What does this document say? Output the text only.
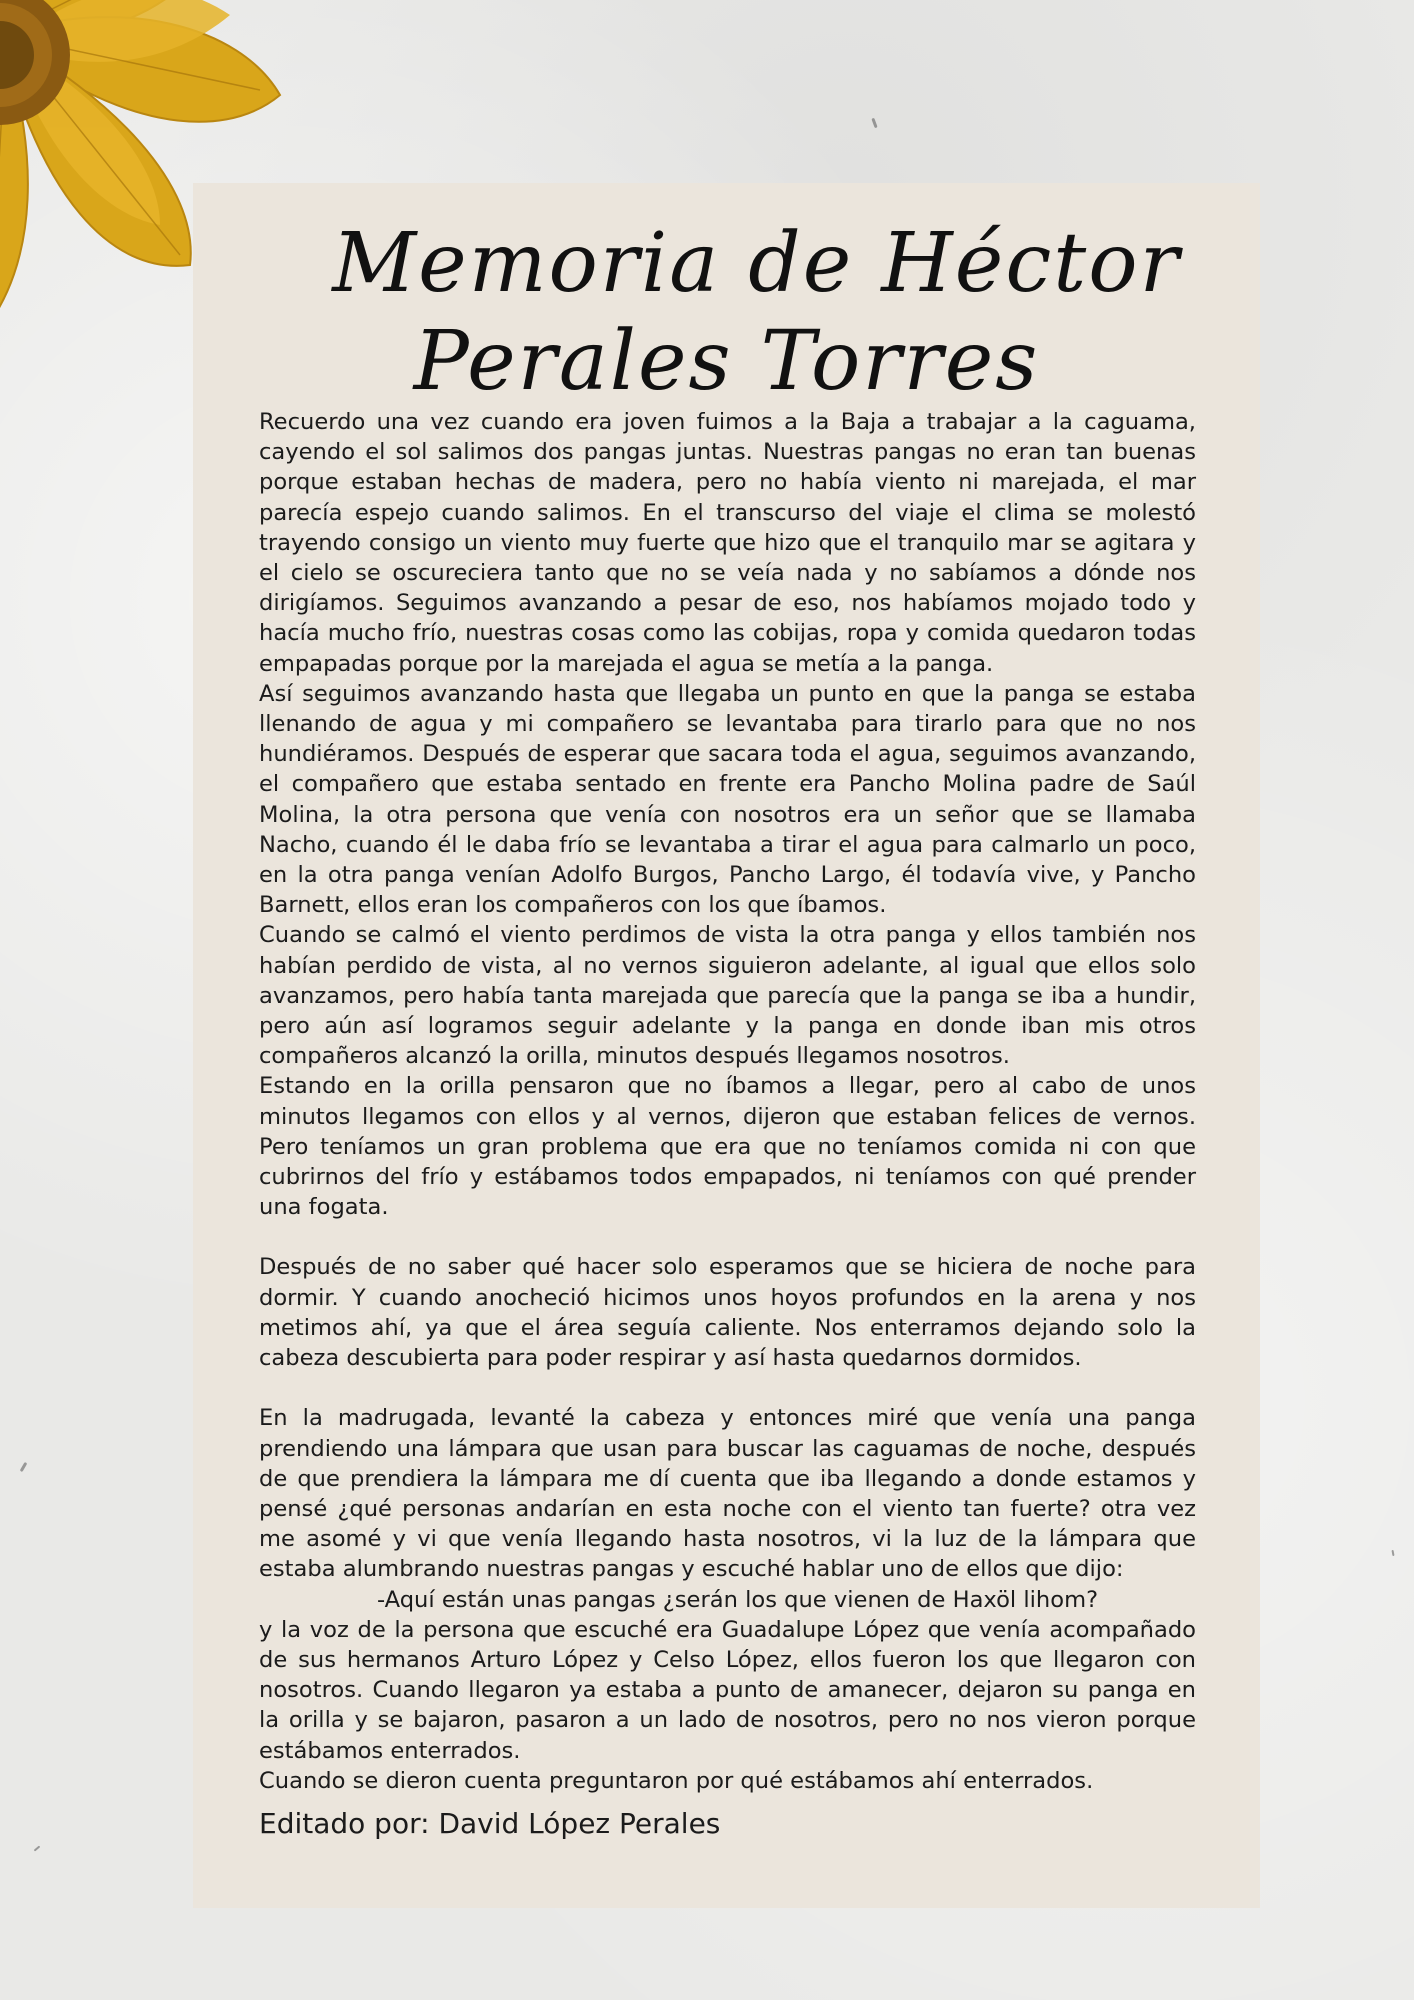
Memoria de Héctor
Perales Torres

Recuerdo una vez cuando era joven fuimos a la Baja a trabajar a la caguama, cayendo el sol salimos dos pangas juntas. Nuestras pangas no eran tan buenas porque estaban hechas de madera, pero no había viento ni marejada, el mar parecía espejo cuando salimos. En el transcurso del viaje el clima se molestó trayendo consigo un viento muy fuerte que hizo que el tranquilo mar se agitara y el cielo se oscureciera tanto que no se veía nada y no sabíamos a dónde nos dirigíamos. Seguimos avanzando a pesar de eso, nos habíamos mojado todo y hacía mucho frío, nuestras cosas como las cobijas, ropa y comida quedaron todas empapadas porque por la marejada el agua se metía a la panga.

Así seguimos avanzando hasta que llegaba un punto en que la panga se estaba llenando de agua y mi compañero se levantaba para tirarlo para que no nos hundiéramos. Después de esperar que sacara toda el agua, seguimos avanzando, el compañero que estaba sentado en frente era Pancho Molina padre de Saúl Molina, la otra persona que venía con nosotros era un señor que se llamaba Nacho, cuando él le daba frío se levantaba a tirar el agua para calmarlo un poco, en la otra panga venían Adolfo Burgos, Pancho Largo, él todavía vive, y Pancho Barnett, ellos eran los compañeros con los que íbamos.

Cuando se calmó el viento perdimos de vista la otra panga y ellos también nos habían perdido de vista, al no vernos siguieron adelante, al igual que ellos solo avanzamos, pero había tanta marejada que parecía que la panga se iba a hundir, pero aún así logramos seguir adelante y la panga en donde iban mis otros compañeros alcanzó la orilla, minutos después llegamos nosotros.

Estando en la orilla pensaron que no íbamos a llegar, pero al cabo de unos minutos llegamos con ellos y al vernos, dijeron que estaban felices de vernos. Pero teníamos un gran problema que era que no teníamos comida ni con que cubrirnos del frío y estábamos todos empapados, ni teníamos con qué prender una fogata.

Después de no saber qué hacer solo esperamos que se hiciera de noche para dormir. Y cuando anocheció hicimos unos hoyos profundos en la arena y nos metimos ahí, ya que el área seguía caliente. Nos enterramos dejando solo la cabeza descubierta para poder respirar y así hasta quedarnos dormidos.

En la madrugada, levanté la cabeza y entonces miré que venía una panga prendiendo una lámpara que usan para buscar las caguamas de noche, después de que prendiera la lámpara me dí cuenta que iba llegando a donde estamos y pensé ¿qué personas andarían en esta noche con el viento tan fuerte? otra vez me asomé y vi que venía llegando hasta nosotros, vi la luz de la lámpara que estaba alumbrando nuestras pangas y escuché hablar uno de ellos que dijo:

-Aquí están unas pangas ¿serán los que vienen de Haxöl lihom?

y la voz de la persona que escuché era Guadalupe López que venía acompañado de sus hermanos Arturo López y Celso López, ellos fueron los que llegaron con nosotros. Cuando llegaron ya estaba a punto de amanecer, dejaron su panga en la orilla y se bajaron, pasaron a un lado de nosotros, pero no nos vieron porque estábamos enterrados.

Cuando se dieron cuenta preguntaron por qué estábamos ahí enterrados.

Editado por: David López Perales
